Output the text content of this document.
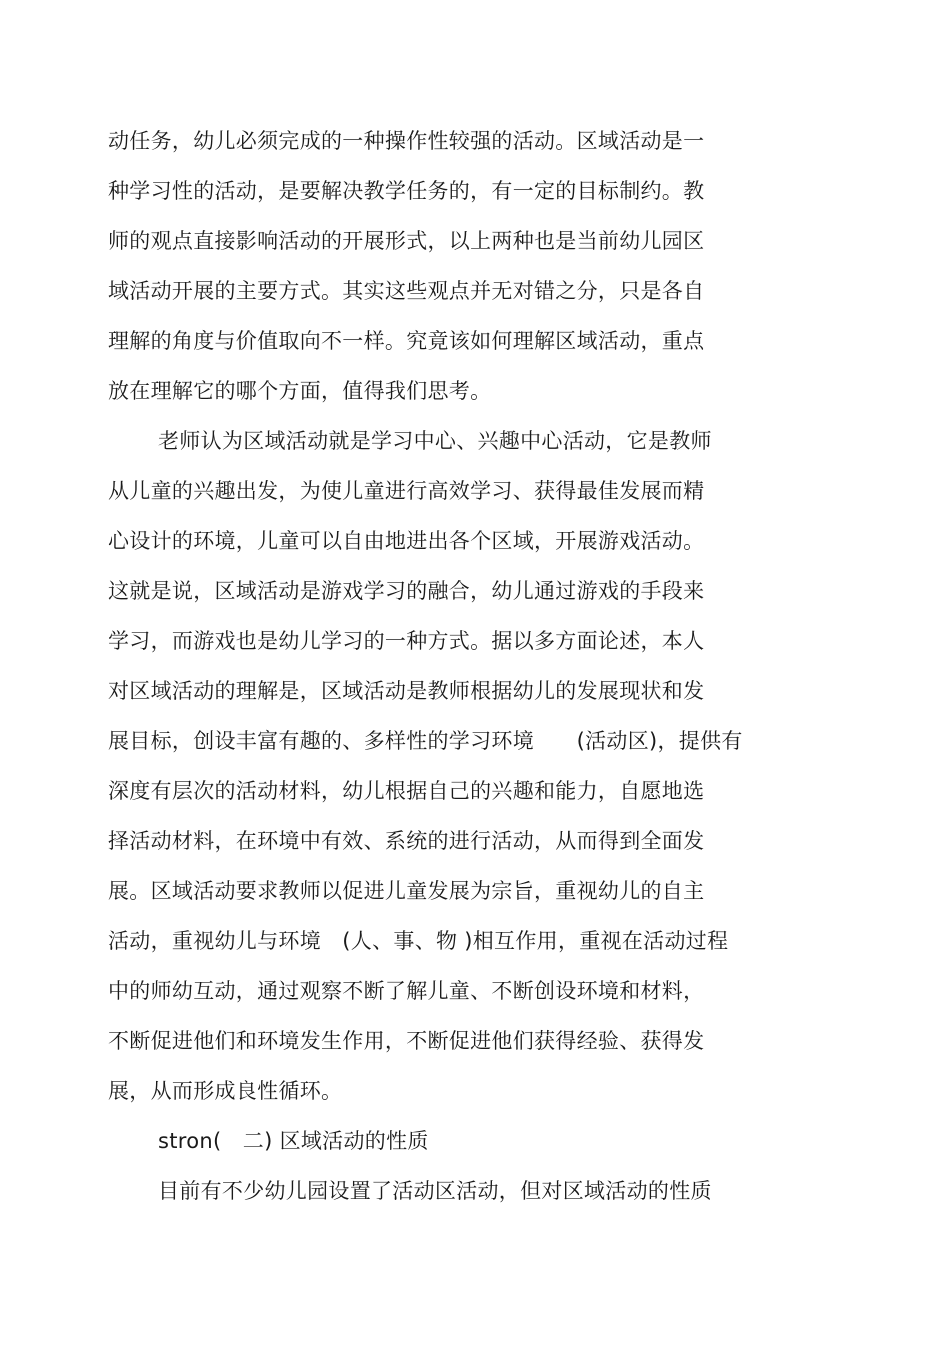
动任务，幼儿必须完成的一种操作性较强的活动。区域活动是一
种学习性的活动，是要解决教学任务的，有一定的目标制约。教
师的观点直接影响活动的开展形式，以上两种也是当前幼儿园区
域活动开展的主要方式。其实这些观点并无对错之分，只是各自
理解的角度与价值取向不一样。究竟该如何理解区域活动，重点
放在理解它的哪个方面，值得我们思考。
老师认为区域活动就是学习中心、兴趣中心活动，它是教师
从儿童的兴趣出发，为使儿童进行高效学习、获得最佳发展而精
心设计的环境，儿童可以自由地进出各个区域，开展游戏活动。
这就是说，区域活动是游戏学习的融合，幼儿通过游戏的手段来
学习，而游戏也是幼儿学习的一种方式。据以多方面论述，本人
对区域活动的理解是，区域活动是教师根据幼儿的发展现状和发
展目标，创设丰富有趣的、多样性的学习环境　　(活动区)，提供有
深度有层次的活动材料，幼儿根据自己的兴趣和能力，自愿地选
择活动材料，在环境中有效、系统的进行活动，从而得到全面发
展。区域活动要求教师以促进儿童发展为宗旨，重视幼儿的自主
活动，重视幼儿与环境　(人、事、物 )相互作用，重视在活动过程
中的师幼互动，通过观察不断了解儿童、不断创设环境和材料，
不断促进他们和环境发生作用，不断促进他们获得经验、获得发
展，从而形成良性循环。
stron(　二) 区域活动的性质
目前有不少幼儿园设置了活动区活动，但对区域活动的性质
